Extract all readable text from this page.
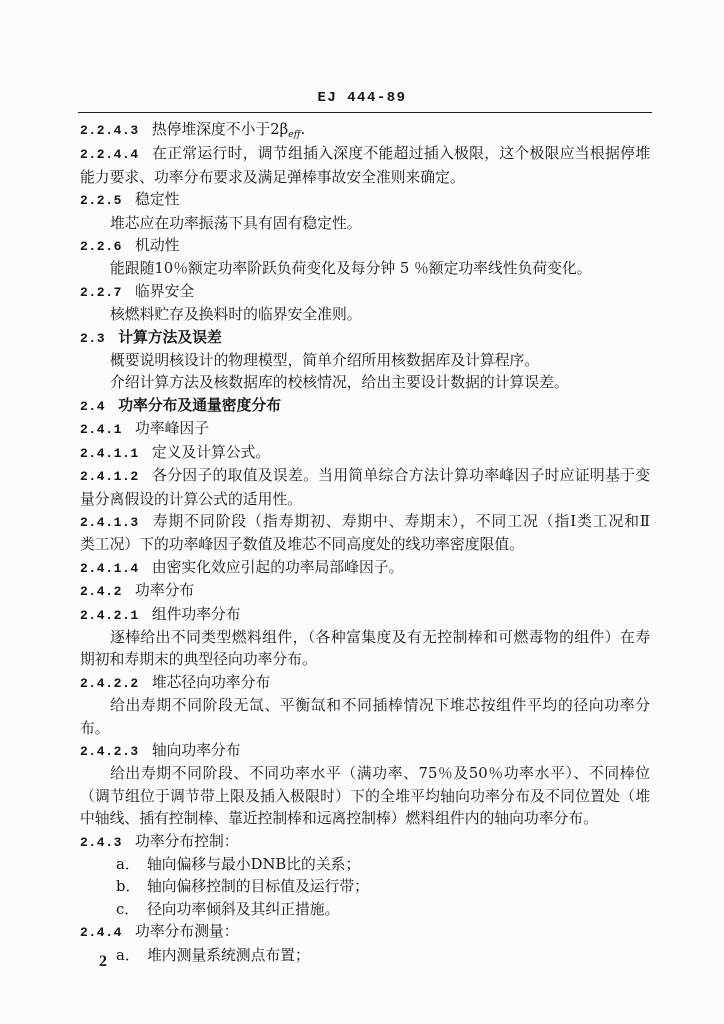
EJ 444-89
2.2.4.3 热停堆深度不小于$2\beta_{eff}$.
2.2.4.4 在正常运行时，调节组插入深度不能超过插入极限，这个极限应当根据停堆
能力要求、功率分布要求及满足弹棒事故安全准则来确定。
2.2.5 稳定性
堆芯应在功率振荡下具有固有稳定性。
2.2.6 机动性
能跟随10％额定功率阶跃负荷变化及每分钟 5 ％额定功率线性负荷变化。
2.2.7 临界安全
核燃料贮存及换料时的临界安全准则。
2.3 计算方法及误差
概要说明核设计的物理模型，简单介绍所用核数据库及计算程序。
介绍计算方法及核数据库的校核情况，给出主要设计数据的计算误差。
2.4 功率分布及通量密度分布
2.4.1 功率峰因子
2.4.1.1 定义及计算公式。
2.4.1.2 各分因子的取值及误差。当用简单综合方法计算功率峰因子时应证明基于变
量分离假设的计算公式的适用性。
2.4.1.3 寿期不同阶段（指寿期初、寿期中、寿期末），不同工况（指Ⅰ类工况和Ⅱ
类工况）下的功率峰因子数值及堆芯不同高度处的线功率密度限值。
2.4.1.4 由密实化效应引起的功率局部峰因子。
2.4.2 功率分布
2.4.2.1 组件功率分布
逐棒给出不同类型燃料组件，（各种富集度及有无控制棒和可燃毒物的组件）在寿
期初和寿期末的典型径向功率分布。
2.4.2.2 堆芯径向功率分布
给出寿期不同阶段无氙、平衡氙和不同插棒情况下堆芯按组件平均的径向功率分
布。
2.4.2.3 轴向功率分布
给出寿期不同阶段、不同功率水平（满功率、75％及50％功率水平）、不同棒位
（调节组位于调节带上限及插入极限时）下的全堆平均轴向功率分布及不同位置处（堆
中轴线、插有控制棒、靠近控制棒和远离控制棒）燃料组件内的轴向功率分布。
2.4.3 功率分布控制：
a． 轴向偏移与最小DNB比的关系；
b． 轴向偏移控制的目标值及运行带；
c． 径向功率倾斜及其纠正措施。
2.4.4 功率分布测量：
a． 堆内测量系统测点布置；
2
